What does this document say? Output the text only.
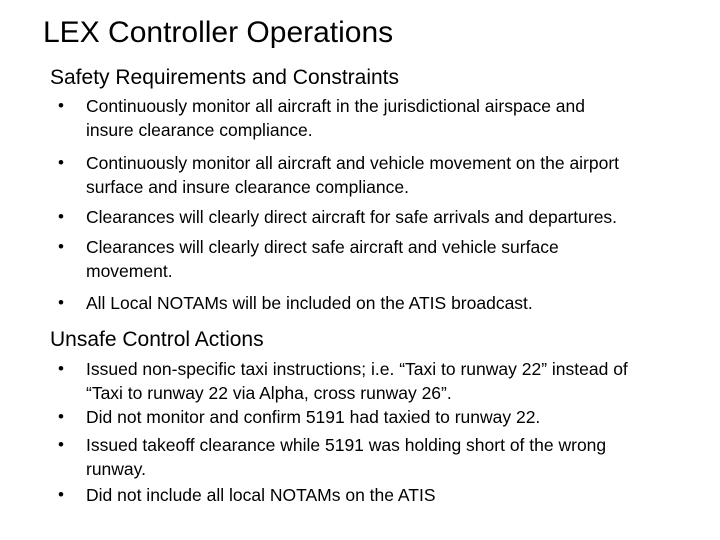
LEX Controller Operations
Safety Requirements and Constraints
• Continuously monitor all aircraft in the jurisdictional airspace and
insure clearance compliance.
• Continuously monitor all aircraft and vehicle movement on the airport
surface and insure clearance compliance.
• Clearances will clearly direct aircraft for safe arrivals and departures.
• Clearances will clearly direct safe aircraft and vehicle surface
movement.
• All Local NOTAMs will be included on the ATIS broadcast.
Unsafe Control Actions
• Issued non-specific taxi instructions; i.e. “Taxi to runway 22” instead of
“Taxi to runway 22 via Alpha, cross runway 26”.
• Did not monitor and confirm 5191 had taxied to runway 22.
• Issued takeoff clearance while 5191 was holding short of the wrong
runway.
• Did not include all local NOTAMs on the ATIS
